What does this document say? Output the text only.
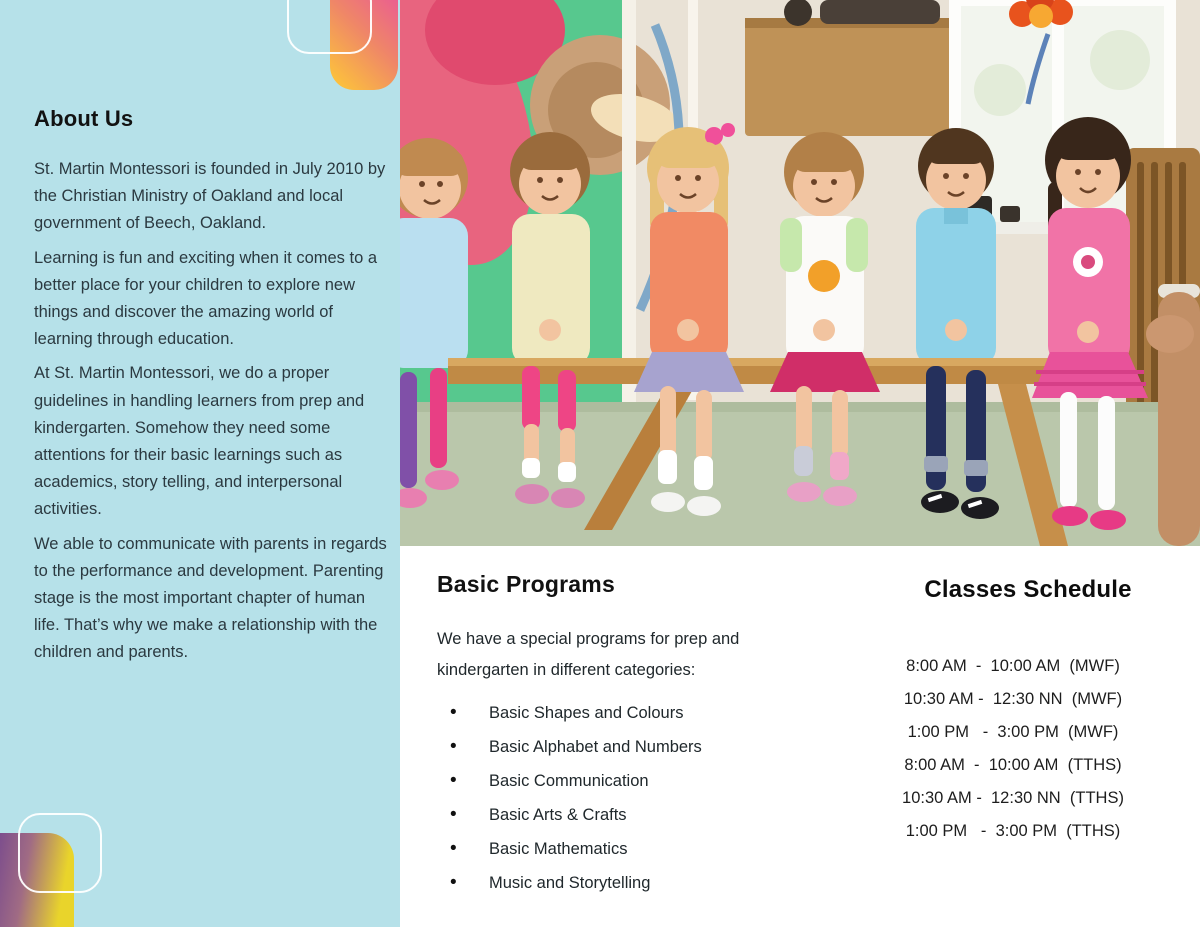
About Us

St. Martin Montessori is founded in July 2010 by the Christian Ministry of Oakland and local government of Beech, Oakland.

Learning is fun and exciting when it comes to a better place for your children to explore new things and discover the amazing world of learning through education.

At St. Martin Montessori, we do a proper guidelines in handling learners from prep and kindergarten. Somehow they need some attentions for their basic learnings such as academics, story telling, and interpersonal activities.

We able to communicate with parents in regards to the performance and development. Parenting stage is the most important chapter of human life. That’s why we make a relationship with the children and parents.

Basic Programs

We have a special programs for prep and kindergarten in different categories:

• Basic Shapes and Colours
• Basic Alphabet and Numbers
• Basic Communication
• Basic Arts & Crafts
• Basic Mathematics
• Music and Storytelling
Classes Schedule
8:00 AM  -  10:00 AM  (MWF)
10:30 AM -  12:30 NN  (MWF)
1:00 PM   -  3:00 PM  (MWF)
8:00 AM  -  10:00 AM  (TTHS)
10:30 AM -  12:30 NN  (TTHS)
1:00 PM   -  3:00 PM  (TTHS)
